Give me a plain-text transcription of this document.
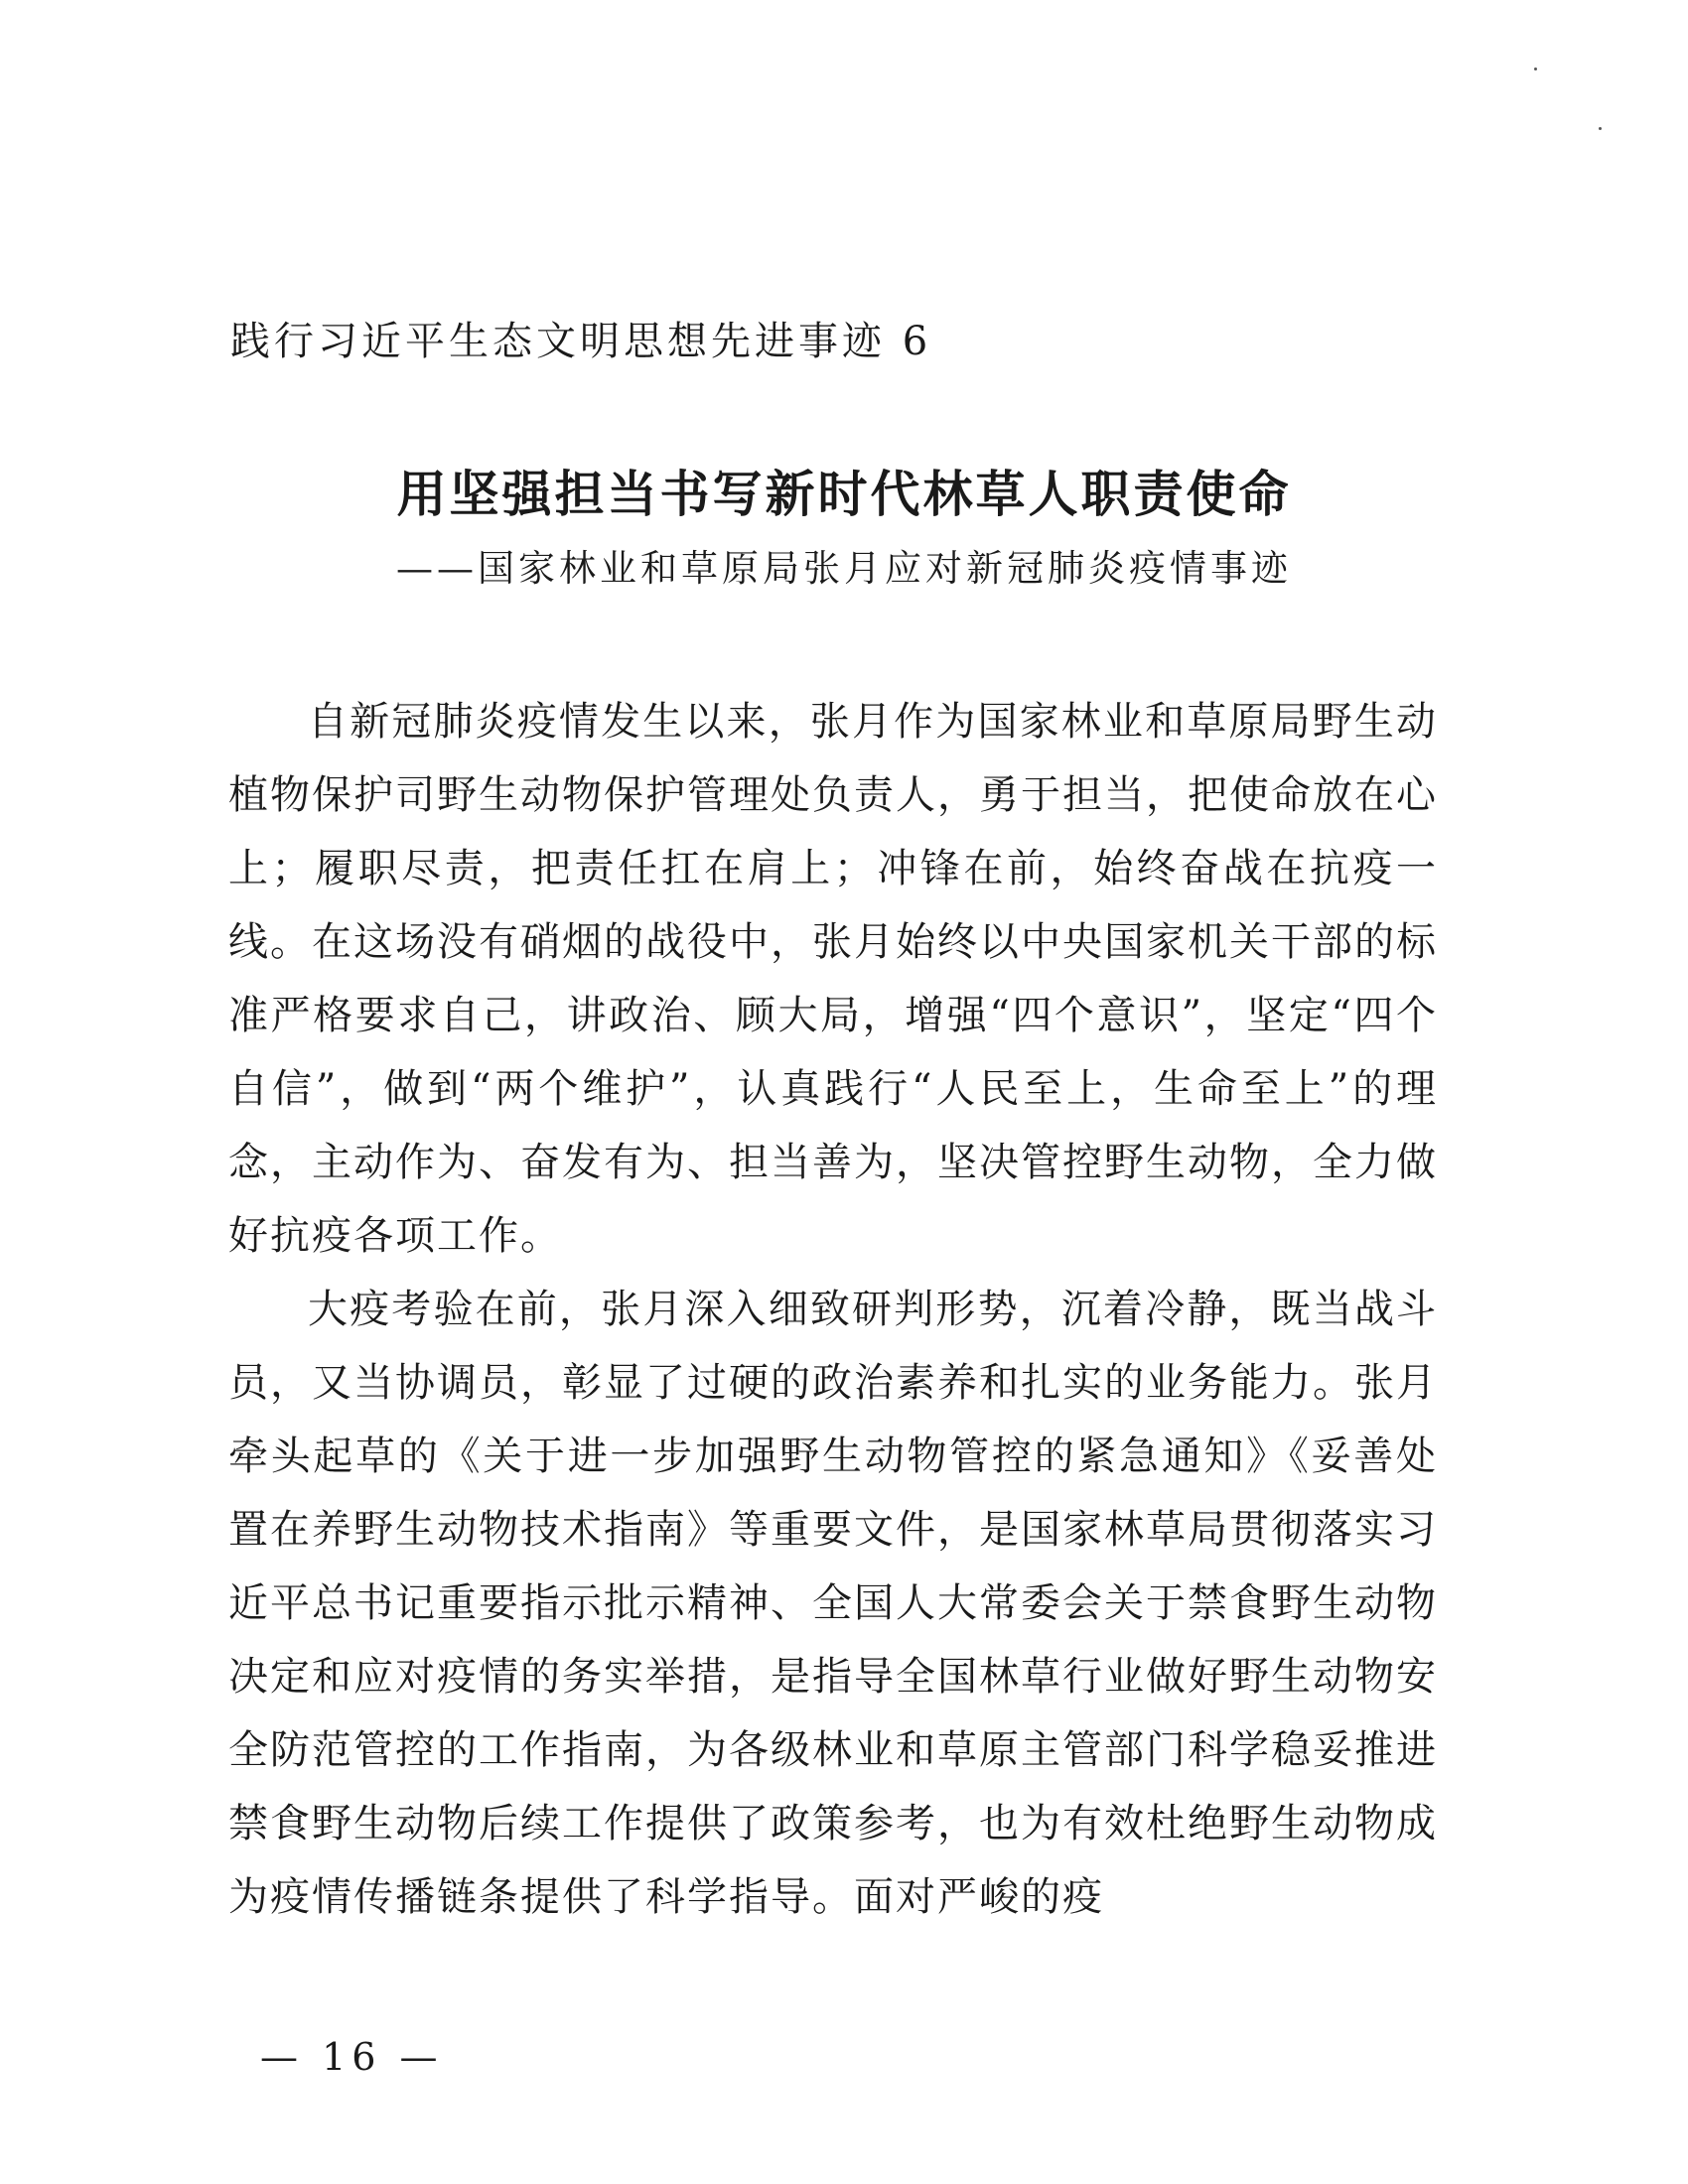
践行习近平生态文明思想先进事迹 6
用坚强担当书写新时代林草人职责使命
——国家林业和草原局张月应对新冠肺炎疫情事迹

自新冠肺炎疫情发生以来，张月作为国家林业和草原局野生动植物保护司野生动物保护管理处负责人，勇于担当，把使命放在心上；履职尽责，把责任扛在肩上；冲锋在前，始终奋战在抗疫一线。在这场没有硝烟的战役中，张月始终以中央国家机关干部的标准严格要求自己，讲政治、顾大局，增强“四个意识”，坚定“四个自信”，做到“两个维护”，认真践行“人民至上，生命至上”的理念，主动作为、奋发有为、担当善为，坚决管控野生动物，全力做好抗疫各项工作。

大疫考验在前，张月深入细致研判形势，沉着冷静，既当战斗员，又当协调员，彰显了过硬的政治素养和扎实的业务能力。张月牵头起草的《关于进一步加强野生动物管控的紧急通知》《妥善处置在养野生动物技术指南》等重要文件，是国家林草局贯彻落实习近平总书记重要指示批示精神、全国人大常委会关于禁食野生动物决定和应对疫情的务实举措，是指导全国林草行业做好野生动物安全防范管控的工作指南，为各级林业和草原主管部门科学稳妥推进禁食野生动物后续工作提供了政策参考，也为有效杜绝野生动物成为疫情传播链条提供了科学指导。面对严峻的疫

— 16 —
